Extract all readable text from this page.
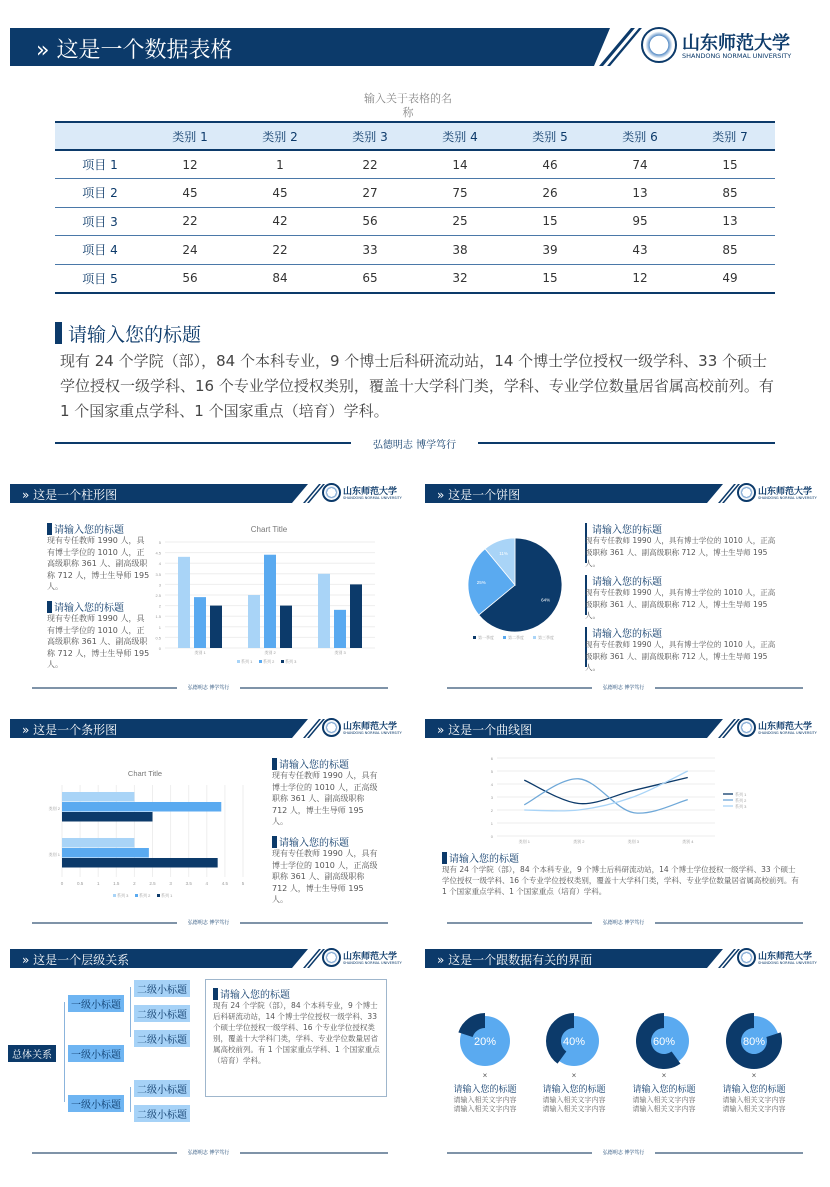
» 这是一个数据表格	山东师范大学
SHANDONG NORMAL UNIVERSITY
输入关于表格的名
称
	类别 1	类别 2	类别 3	类别 4	类别 5	类别 6	类别 7
项目 1	12	1	22	14	46	74	15
项目 2	45	45	27	75	26	13	85
项目 3	22	42	56	25	15	95	13
项目 4	24	22	33	38	39	43	85
项目 5	56	84	65	32	15	12	49
请输入您的标题
现有 24 个学院（部），84 个本科专业，9 个博士后科研流动站，14 个博士学位授权一级学科、33 个硕士学位授权一级学科、16 个专业学位授权类别，覆盖十大学科门类，学科、专业学位数量居省属高校前列。有 1 个国家重点学科、1 个国家重点（培育）学科。
弘德明志 博学笃行
» 这是一个柱形图	山东师范大学
SHANDONG NORMAL UNIVERSITY
弘德明志 博学笃行
请输入您的标题
现有专任教师 1990 人，具有博士学位的 1010 人，正高级职称 361 人、副高级职称 712 人，博士生导师 195 人。
请输入您的标题
现有专任教师 1990 人，具有博士学位的 1010 人，正高级职称 361 人、副高级职称 712 人，博士生导师 195 人。
Chart Title
0
0.5
1
1.5
2
2.5
3
3.5
4
4.5
5
类别 1	类别 2	类别 3
系列 1	系列 2	系列 3
» 这是一个饼图	山东师范大学
SHANDONG NORMAL UNIVERSITY
弘德明志 博学笃行
请输入您的标题
现有专任教师 1990 人，具有博士学位的 1010 人，正高级职称 361 人、副高级职称 712 人，博士生导师 195 人。
请输入您的标题
现有专任教师 1990 人，具有博士学位的 1010 人，正高级职称 361 人、副高级职称 712 人，博士生导师 195 人。
请输入您的标题
现有专任教师 1990 人，具有博士学位的 1010 人，正高级职称 361 人、副高级职称 712 人，博士生导师 195 人。
64%
25%
11%
第一季度	第二季度	第三季度
» 这是一个条形图	山东师范大学
SHANDONG NORMAL UNIVERSITY
弘德明志 博学笃行
请输入您的标题
现有专任教师 1990 人，具有博士学位的 1010 人，正高级职称 361 人、副高级职称 712 人，博士生导师 195 人。
请输入您的标题
现有专任教师 1990 人，具有博士学位的 1010 人，正高级职称 361 人、副高级职称 712 人，博士生导师 195 人。
Chart Title
0	0.5	1	1.5	2	2.5	3	3.5	4	4.5	5
类别 1
类别 2
系列 3	系列 2	系列 1
» 这是一个曲线图	山东师范大学
SHANDONG NORMAL UNIVERSITY
弘德明志 博学笃行
请输入您的标题
现有 24 个学院（部），84 个本科专业，9 个博士后科研流动站，14 个博士学位授权一级学科、33 个硕士学位授权一级学科、16 个专业学位授权类别，覆盖十大学科门类，学科、专业学位数量居省属高校前列。有 1 个国家重点学科、1 个国家重点（培育）学科。
0
1
2
3
4
5
6
类别 1	类别 2	类别 3	类别 4
系列 1
系列 2
系列 3
» 这是一个层级关系	山东师范大学
SHANDONG NORMAL UNIVERSITY
弘德明志 博学笃行
请输入您的标题
现有 24 个学院（部），84 个本科专业，9 个博士后科研流动站，14 个博士学位授权一级学科、33 个硕士学位授权一级学科、16 个专业学位授权类别，覆盖十大学科门类，学科、专业学位数量居省属高校前列。有 1 个国家重点学科、1 个国家重点（培育）学科。
总体关系
一级小标题
一级小标题
一级小标题
二级小标题
二级小标题
二级小标题
二级小标题
二级小标题
» 这是一个跟数据有关的界面	山东师范大学
SHANDONG NORMAL UNIVERSITY
弘德明志 博学笃行
20%
×
请输入您的标题
请输入相关文字内容
请输入相关文字内容
40%
×
请输入您的标题
请输入相关文字内容
请输入相关文字内容
60%
×
请输入您的标题
请输入相关文字内容
请输入相关文字内容
80%
×
请输入您的标题
请输入相关文字内容
请输入相关文字内容
